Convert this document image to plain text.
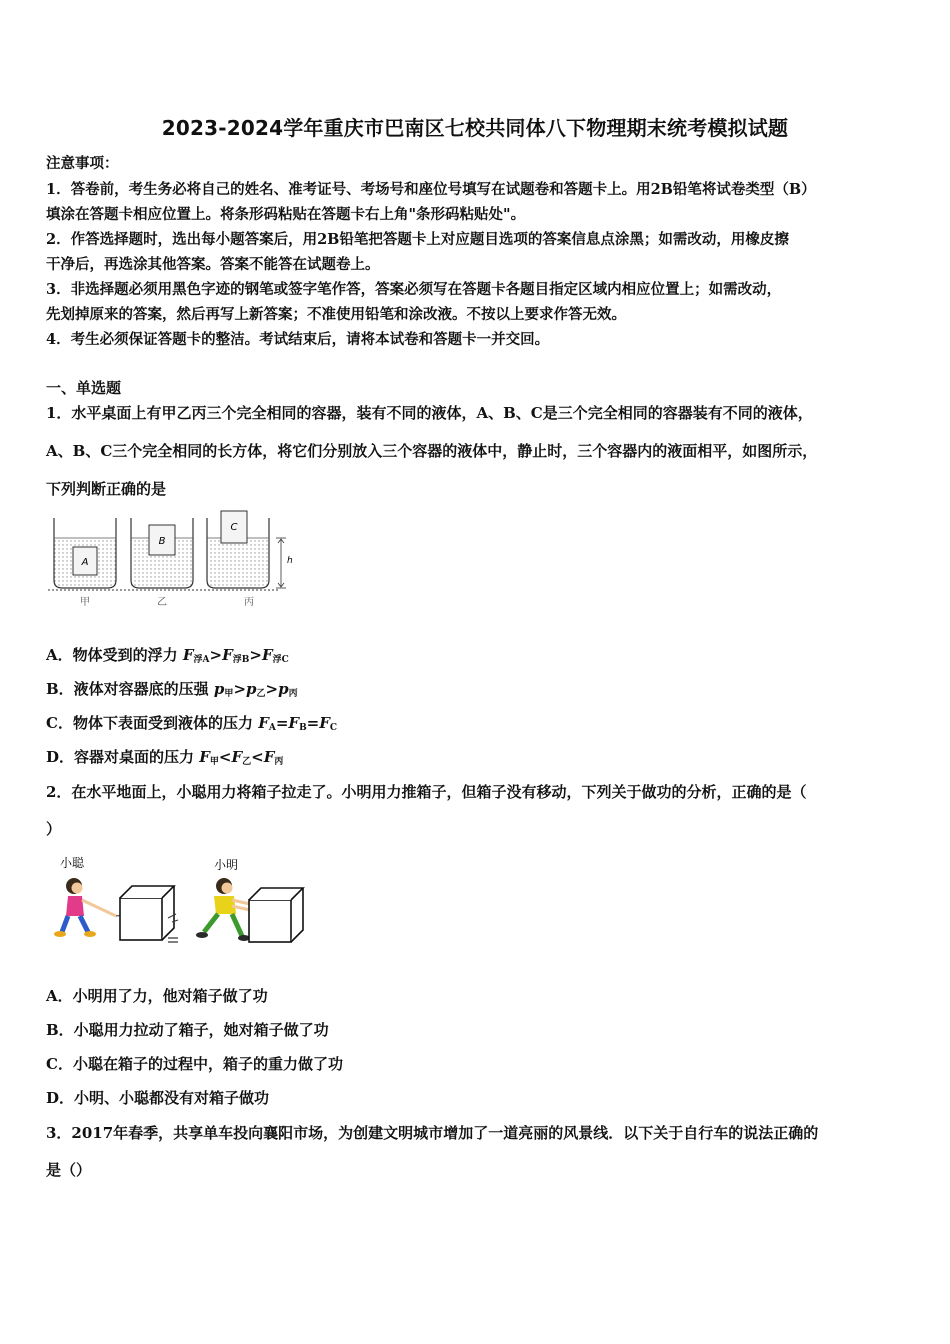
2023-2024学年重庆市巴南区七校共同体八下物理期末统考模拟试题
注意事项：
1．答卷前，考生务必将自己的姓名、准考证号、考场号和座位号填写在试题卷和答题卡上。用2B铅笔将试卷类型（B）
填涂在答题卡相应位置上。将条形码粘贴在答题卡右上角"条形码粘贴处"。
2．作答选择题时，选出每小题答案后，用2B铅笔把答题卡上对应题目选项的答案信息点涂黑；如需改动，用橡皮擦
干净后，再选涂其他答案。答案不能答在试题卷上。
3．非选择题必须用黑色字迹的钢笔或签字笔作答，答案必须写在答题卡各题目指定区域内相应位置上；如需改动，
先划掉原来的答案，然后再写上新答案；不准使用铅笔和涂改液。不按以上要求作答无效。
4．考生必须保证答题卡的整洁。考试结束后，请将本试卷和答题卡一并交回。
一、单选题
1．水平桌面上有甲乙丙三个完全相同的容器，装有不同的液体，A、B、C是三个完全相同的容器装有不同的液体，
A、B、C三个完全相同的长方体，将它们分别放入三个容器的液体中，静止时，三个容器内的液面相平，如图所示，
下列判断正确的是
A
B
C
h
甲	乙	丙
A．物体受到的浮力 $F_{浮A}>F_{浮B}>F_{浮C}$
B．液体对容器底的压强 $p_甲>p_乙>p_丙$
C．物体下表面受到液体的压力 $F_A=F_B=F_C$
D．容器对桌面的压力 $F_甲<F_乙<F_丙$
2．在水平地面上，小聪用力将箱子拉走了。小明用力推箱子，但箱子没有移动，下列关于做功的分析，正确的是（
）
小聪	小明
A．小明用了力，他对箱子做了功
B．小聪用力拉动了箱子，她对箱子做了功
C．小聪在箱子的过程中，箱子的重力做了功
D．小明、小聪都没有对箱子做功
3．2017年春季，共享单车投向襄阳市场，为创建文明城市增加了一道亮丽的风景线．以下关于自行车的说法正确的
是（）
